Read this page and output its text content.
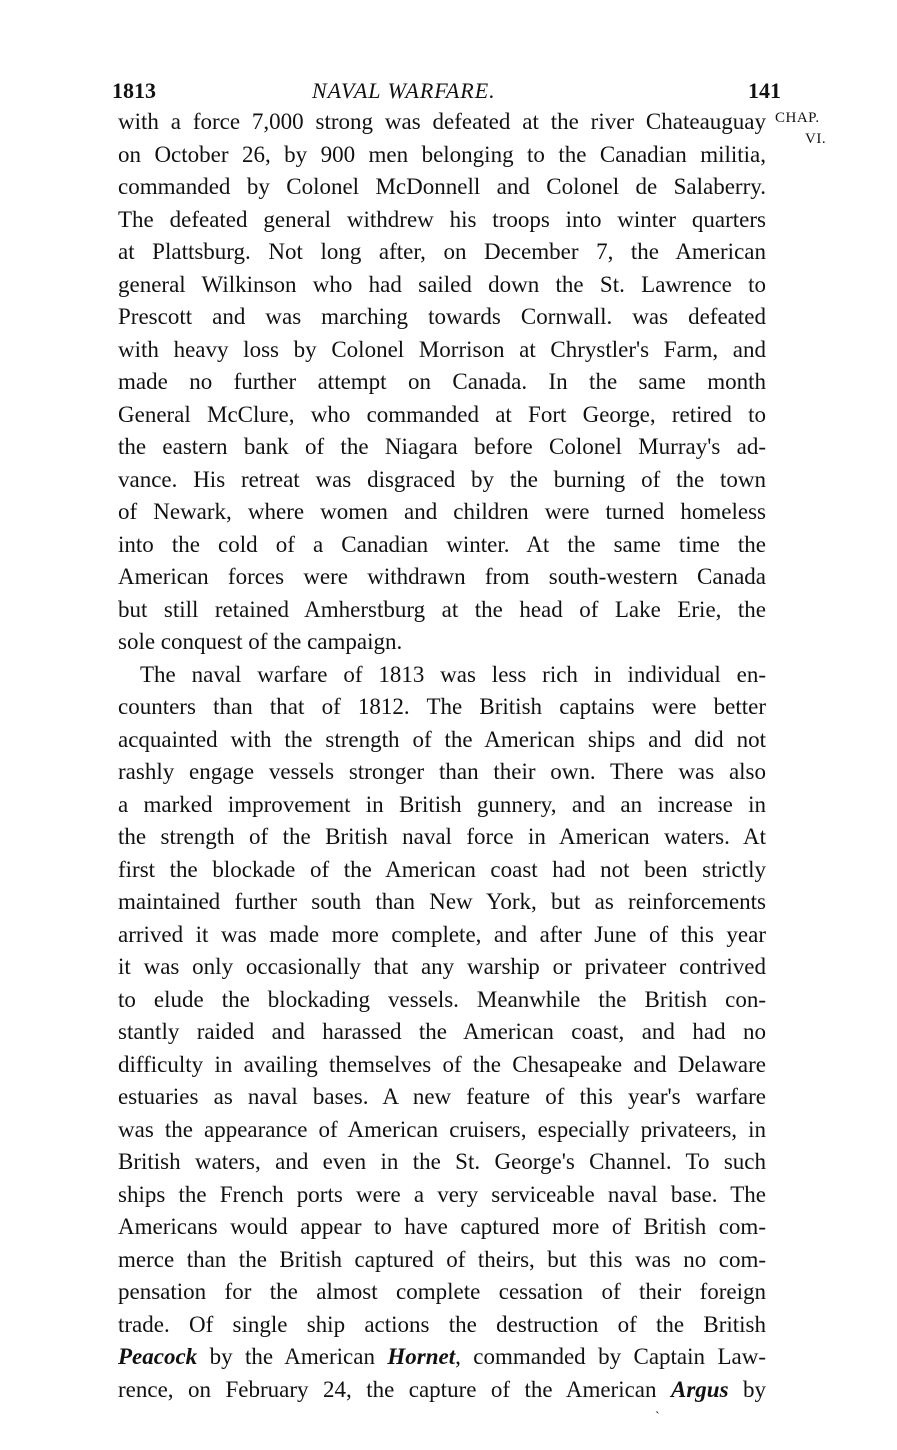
1813	NAVAL WARFARE.	141
CHAP.
VI.
with a force 7,000 strong was defeated at the river Chateauguay
on October 26, by 900 men belonging to the Canadian militia,
commanded by Colonel McDonnell and Colonel de Salaberry.
The defeated general withdrew his troops into winter quarters
at Plattsburg. Not long after, on December 7, the American
general Wilkinson who had sailed down the St. Lawrence to
Prescott and was marching towards Cornwall. was defeated
with heavy loss by Colonel Morrison at Chrystler's Farm, and
made no further attempt on Canada. In the same month
General McClure, who commanded at Fort George, retired to
the eastern bank of the Niagara before Colonel Murray's ad-
vance. His retreat was disgraced by the burning of the town
of Newark, where women and children were turned homeless
into the cold of a Canadian winter. At the same time the
American forces were withdrawn from south-western Canada
but still retained Amherstburg at the head of Lake Erie, the
sole conquest of the campaign.
The naval warfare of 1813 was less rich in individual en-
counters than that of 1812. The British captains were better
acquainted with the strength of the American ships and did not
rashly engage vessels stronger than their own. There was also
a marked improvement in British gunnery, and an increase in
the strength of the British naval force in American waters. At
first the blockade of the American coast had not been strictly
maintained further south than New York, but as reinforcements
arrived it was made more complete, and after June of this year
it was only occasionally that any warship or privateer contrived
to elude the blockading vessels. Meanwhile the British con-
stantly raided and harassed the American coast, and had no
difficulty in availing themselves of the Chesapeake and Delaware
estuaries as naval bases. A new feature of this year's warfare
was the appearance of American cruisers, especially privateers, in
British waters, and even in the St. George's Channel. To such
ships the French ports were a very serviceable naval base. The
Americans would appear to have captured more of British com-
merce than the British captured of theirs, but this was no com-
pensation for the almost complete cessation of their foreign
trade. Of single ship actions the destruction of the British
Peacock by the American Hornet, commanded by Captain Law-
rence, on February 24, the capture of the American Argus by
`
